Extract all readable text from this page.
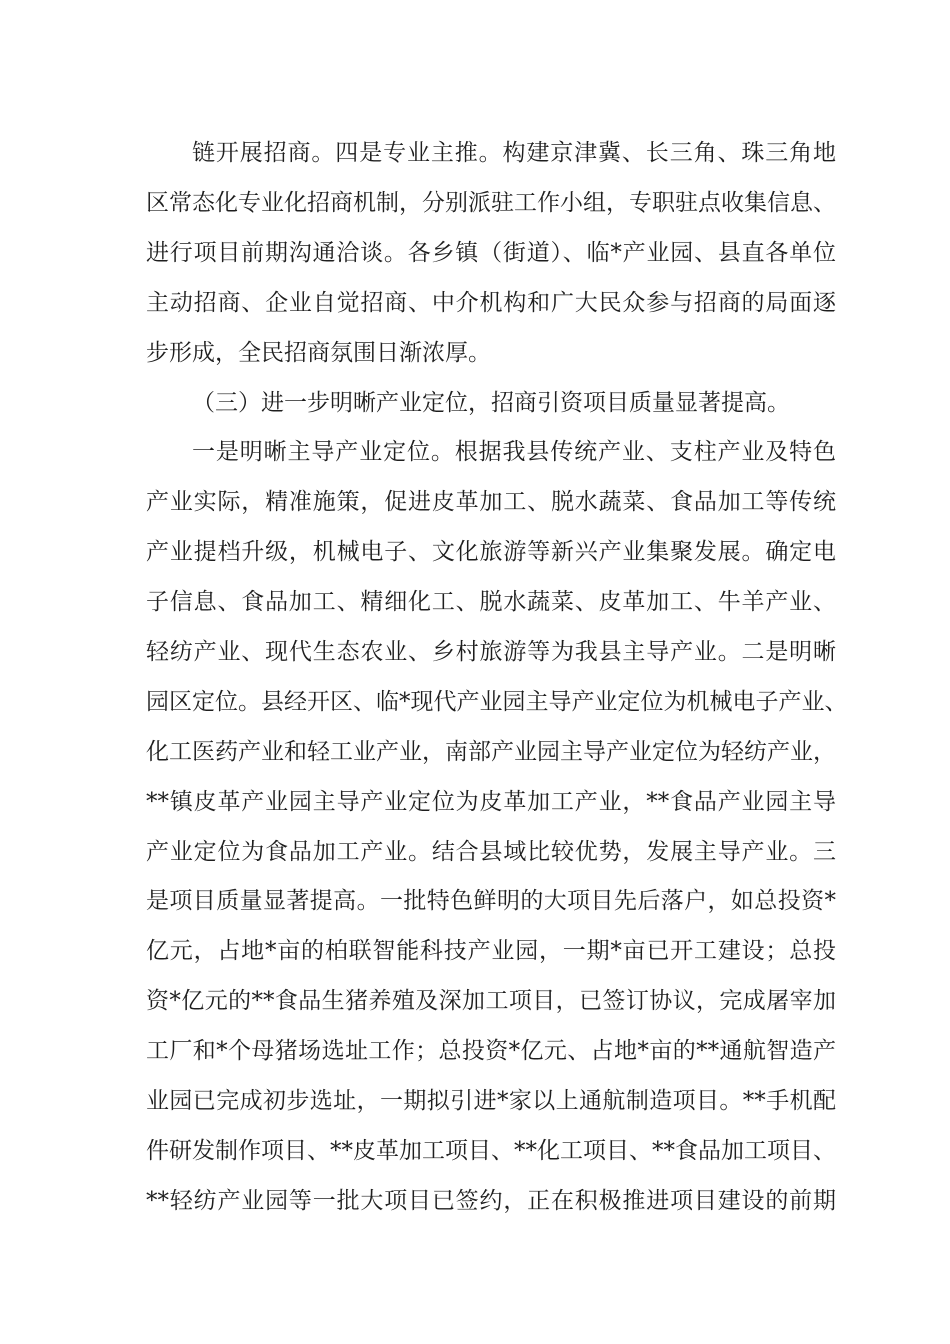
链开展招商。四是专业主推。构建京津冀、长三角、珠三角地
区常态化专业化招商机制，分别派驻工作小组，专职驻点收集信息、
进行项目前期沟通洽谈。各乡镇（街道）、临*产业园、县直各单位
主动招商、企业自觉招商、中介机构和广大民众参与招商的局面逐
步形成，全民招商氛围日渐浓厚。
（三）进一步明晰产业定位，招商引资项目质量显著提高。
一是明晰主导产业定位。根据我县传统产业、支柱产业及特色
产业实际，精准施策，促进皮革加工、脱水蔬菜、食品加工等传统
产业提档升级，机械电子、文化旅游等新兴产业集聚发展。确定电
子信息、食品加工、精细化工、脱水蔬菜、皮革加工、牛羊产业、
轻纺产业、现代生态农业、乡村旅游等为我县主导产业。二是明晰
园区定位。县经开区、临*现代产业园主导产业定位为机械电子产业、
化工医药产业和轻工业产业，南部产业园主导产业定位为轻纺产业，
**镇皮革产业园主导产业定位为皮革加工产业，**食品产业园主导
产业定位为食品加工产业。结合县域比较优势，发展主导产业。三
是项目质量显著提高。一批特色鲜明的大项目先后落户，如总投资*
亿元，占地*亩的柏联智能科技产业园，一期*亩已开工建设；总投
资*亿元的**食品生猪养殖及深加工项目，已签订协议，完成屠宰加
工厂和*个母猪场选址工作；总投资*亿元、占地*亩的**通航智造产
业园已完成初步选址，一期拟引进*家以上通航制造项目。**手机配
件研发制作项目、**皮革加工项目、**化工项目、**食品加工项目、
**轻纺产业园等一批大项目已签约，正在积极推进项目建设的前期
